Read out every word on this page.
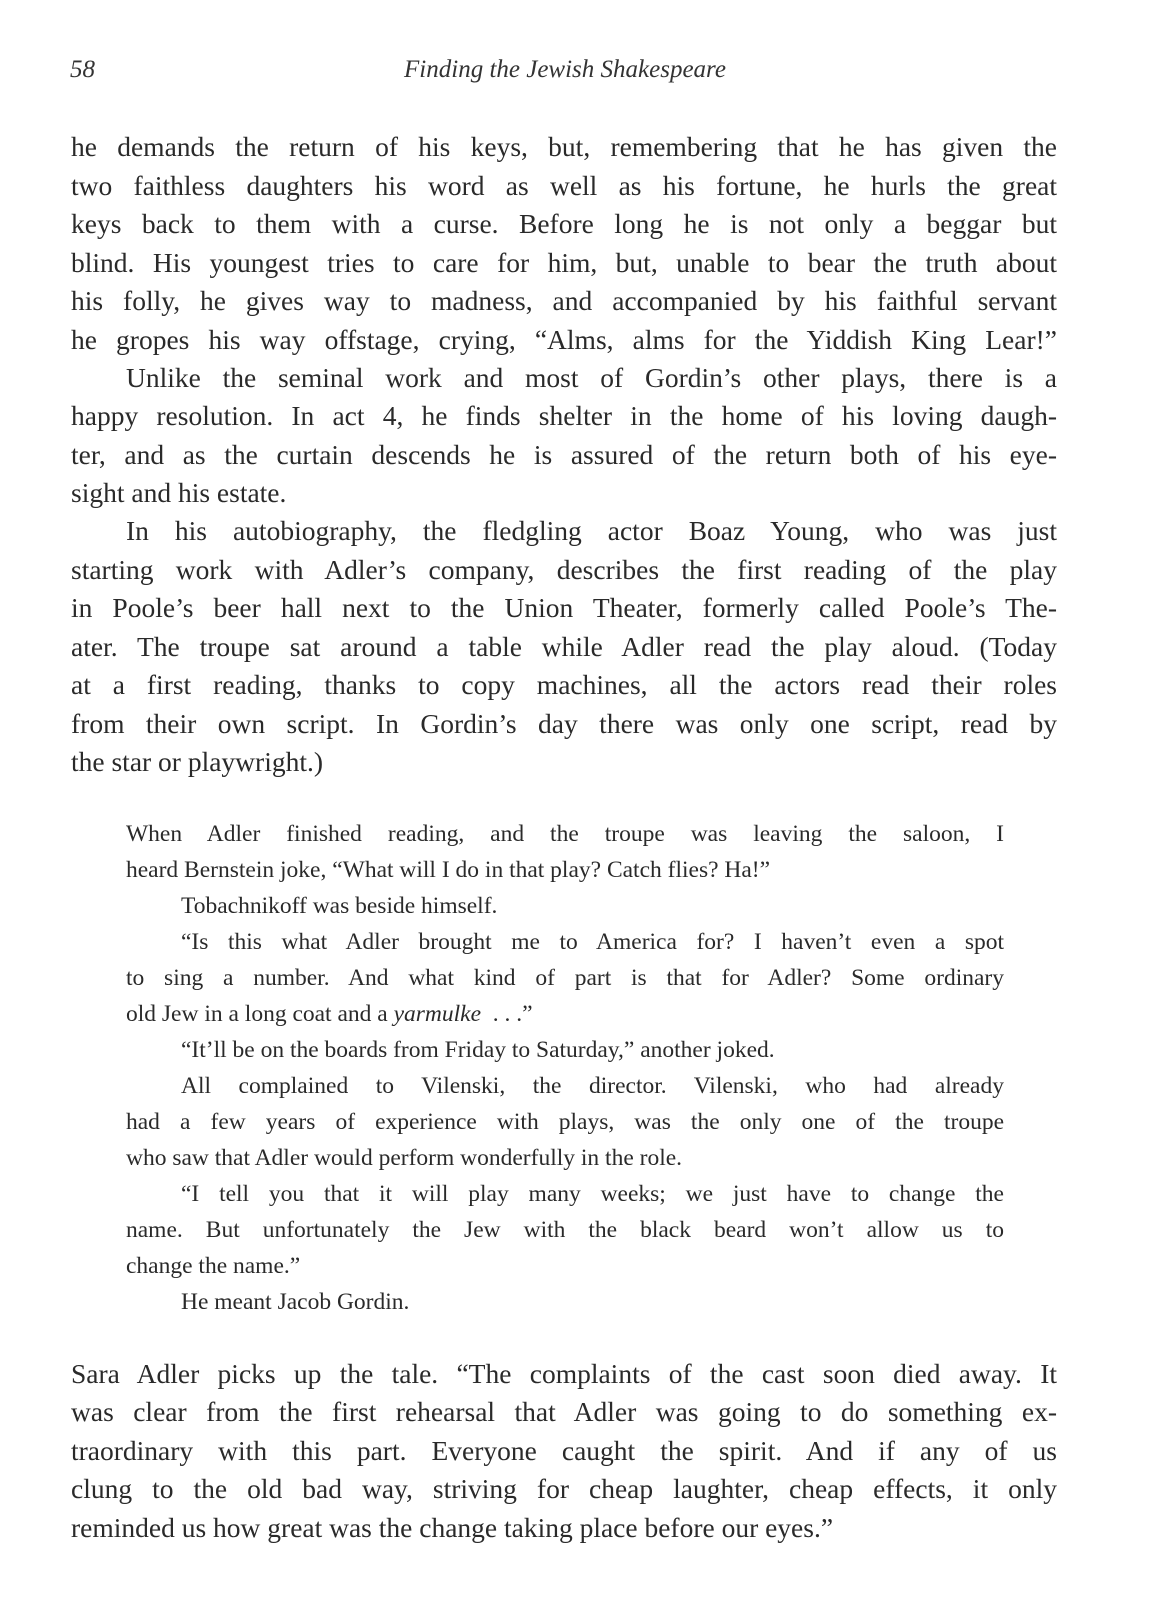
58	Finding the Jewish Shakespeare
he demands the return of his keys, but, remembering that he has given the
two faithless daughters his word as well as his fortune, he hurls the great
keys back to them with a curse. Before long he is not only a beggar but
blind. His youngest tries to care for him, but, unable to bear the truth about
his folly, he gives way to madness, and accompanied by his faithful servant
he gropes his way offstage, crying, “Alms, alms for the Yiddish King Lear!”
Unlike the seminal work and most of Gordin’s other plays, there is a
happy resolution. In act 4, he finds shelter in the home of his loving daugh-
ter, and as the curtain descends he is assured of the return both of his eye-
sight and his estate.
In his autobiography, the fledgling actor Boaz Young, who was just
starting work with Adler’s company, describes the first reading of the play
in Poole’s beer hall next to the Union Theater, formerly called Poole’s The-
ater. The troupe sat around a table while Adler read the play aloud. (Today
at a first reading, thanks to copy machines, all the actors read their roles
from their own script. In Gordin’s day there was only one script, read by
the star or playwright.)
When Adler finished reading, and the troupe was leaving the saloon, I
heard Bernstein joke, “What will I do in that play? Catch flies? Ha!”
Tobachnikoff was beside himself.
“Is this what Adler brought me to America for? I haven’t even a spot
to sing a number. And what kind of part is that for Adler? Some ordinary
old Jew in a long coat and a yarmulke  . . .”
“It’ll be on the boards from Friday to Saturday,” another joked.
All complained to Vilenski, the director. Vilenski, who had already
had a few years of experience with plays, was the only one of the troupe
who saw that Adler would perform wonderfully in the role.
“I tell you that it will play many weeks; we just have to change the
name. But unfortunately the Jew with the black beard won’t allow us to
change the name.”
He meant Jacob Gordin.
Sara Adler picks up the tale. “The complaints of the cast soon died away. It
was clear from the first rehearsal that Adler was going to do something ex-
traordinary with this part. Everyone caught the spirit. And if any of us
clung to the old bad way, striving for cheap laughter, cheap effects, it only
reminded us how great was the change taking place before our eyes.”
